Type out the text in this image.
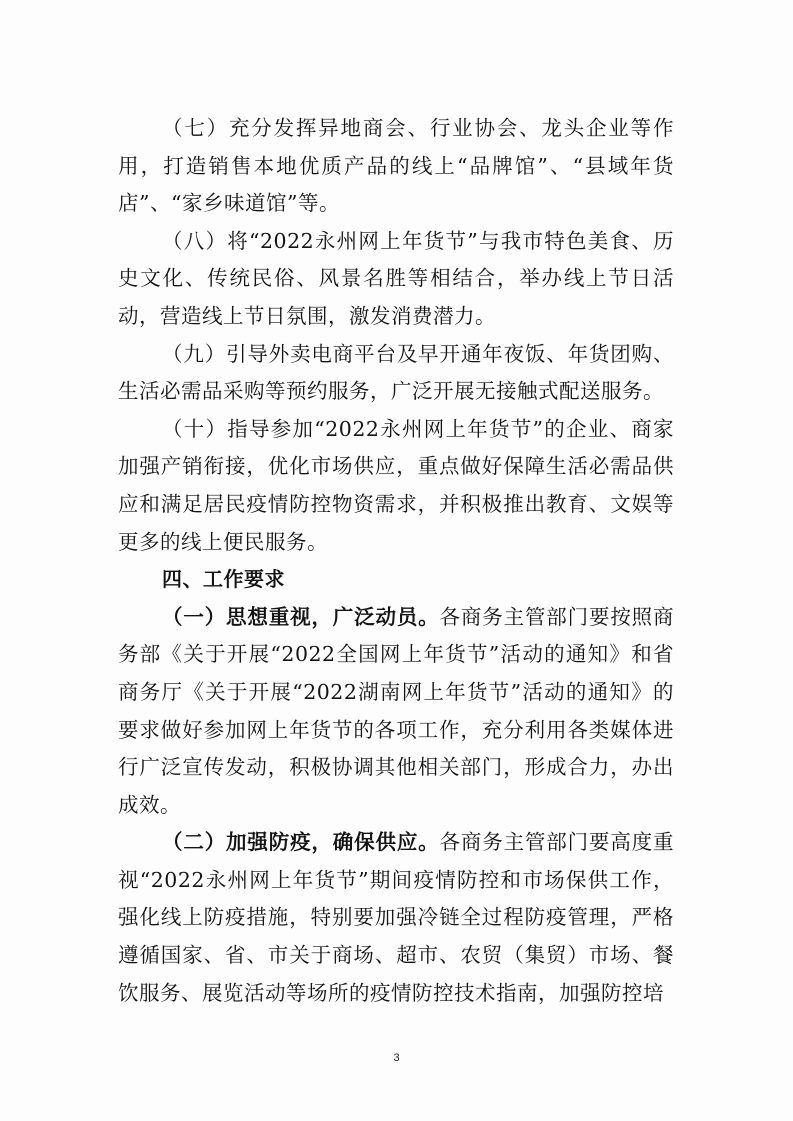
（七）充分发挥异地商会、行业协会、龙头企业等作用，打造销售本地优质产品的线上“品牌馆”、“县域年货店”、“家乡味道馆”等。

（八）将“2022永州网上年货节”与我市特色美食、历史文化、传统民俗、风景名胜等相结合，举办线上节日活动，营造线上节日氛围，激发消费潜力。

（九）引导外卖电商平台及早开通年夜饭、年货团购、生活必需品采购等预约服务，广泛开展无接触式配送服务。

（十）指导参加“2022永州网上年货节”的企业、商家加强产销衔接，优化市场供应，重点做好保障生活必需品供应和满足居民疫情防控物资需求，并积极推出教育、文娱等更多的线上便民服务。

四、工作要求

（一）思想重视，广泛动员。各商务主管部门要按照商务部《关于开展“2022全国网上年货节”活动的通知》和省商务厅《关于开展“2022湖南网上年货节”活动的通知》的要求做好参加网上年货节的各项工作，充分利用各类媒体进行广泛宣传发动，积极协调其他相关部门，形成合力，办出成效。

（二）加强防疫，确保供应。各商务主管部门要高度重视“2022永州网上年货节”期间疫情防控和市场保供工作，强化线上防疫措施，特别要加强冷链全过程防疫管理，严格遵循国家、省、市关于商场、超市、农贸（集贸）市场、餐饮服务、展览活动等场所的疫情防控技术指南，加强防控培

3
